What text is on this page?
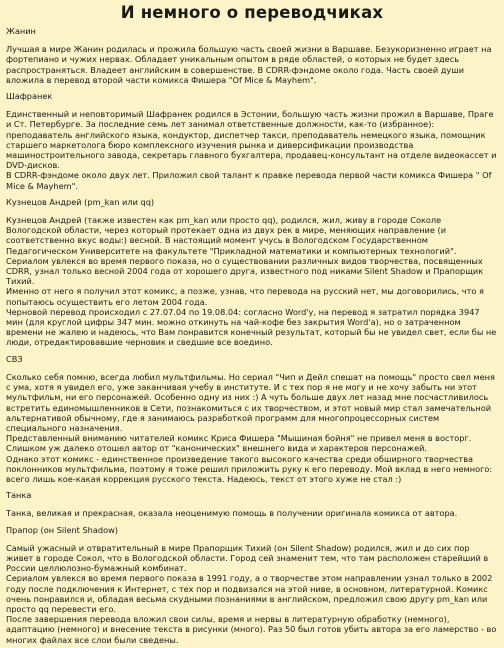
И немного о переводчиках

Жанин

Лучшая в мире Жанин родилась и прожила большую часть своей жизни в Варшаве. Безукоризненно играет на фортепиано и чужих нервах. Обладает уникальным опытом в ряде областей, о которых не будет здесь распространяться. Владеет английским в совершенстве. В CDRR-фэндоме около года. Часть своей души вложила в перевод второй части комикса Фишера "Of Mice & Mayhem".

Шафранек

Единственный и неповторимый Шафранек родился в Эстонии, большую часть жизни прожил в Варшаве, Праге и Ст. Петербурге. За последние семь лет занимал ответственные должности, как-то (избранное): преподаватель английского языка, кондуктор, диспетчер такси, преподаватель немецкого языка, помощник старшего маркетолога бюро комплексного изучения рынка и диверсификации производства машиностроительного завода, секретарь главного бухгалтера, продавец-консультант на отделе видеокассет и DVD-дисков.

В CDRR-фэндоме около двух лет. Приложил свой талант к правке перевода первой части комикса Фишера " Of Mice & Mayhem".

Кузнецов Андрей (pm_kan или qq)

Кузнецов Андрей (также известен как pm_kan или просто qq), родился, жил, живу в городе Соколе Вологодской области, через который протекает одна из двух рек в мире, меняющих направление (и соответственно вкус воды:) весной. В настоящий момент учусь в Вологодском Государственном Педагогическом Университете на факультете "Прикладной математики и компьютерных технологий".

Сериалом увлекся во время первого показа, но о существовании различных видов творчества, посвященных CDRR, узнал только весной 2004 года от хорошего друга, известного под никами Silent Shadow и Прапорщик Тихий.

Именно от него я получил этот комикс, а позже, узнав, что перевода на русский нет, мы договорились, что я попытаюсь осуществить его летом 2004 года.

Черновой перевод происходил с 27.07.04 по 19.08.04: согласно Word'у, на перевод я затратил порядка 3947 мин (для круглой цифры 347 мин. можно откинуть на чай-кофе без закрытия Word'а), но о затраченном времени не жалею и надеюсь, что Вам понравится конечный результат, который бы не увидел свет, если бы не люди, отредактировавшие черновик и сведшие все воедино.

СВЗ

Сколько себя помню, всегда любил мультфильмы. Но сериал "Чип и Дейл спешат на помощь" просто свел меня с ума, хотя я увидел его, уже заканчивая учебу в институте. И с тех пор я не могу и не хочу забыть ни этот мультфильм, ни его персонажей. Особенно одну из них :) А чуть больше двух лет назад мне посчастливилось встретить единомышленников в Сети, познакомиться с их творчеством, и этот новый мир стал замечательной альтернативой обычному, где я занимаюсь разработкой программ для многопроцессорных систем специального назначения.

Представленный вниманию читателей комикс Криса Фишера "Мышиная бойня" не привел меня в восторг. Слишком уж далеко отошел автор от "канонических" внешнего вида и характеров персонажей.

Однако этот комикс - единственное произведение такого высокого качества среди обширного творчества поклонников мультфильма, поэтому я тоже решил приложить руку к его переводу. Мой вклад в него немного: всего лишь кое-какая коррекция русского текста. Надеюсь, текст от этого хуже не стал :)

Танка

Танка, великая и прекрасная, оказала неоценимую помощь в получении оригинала комикса от автора.

Прапор (он Silent Shadow)

Самый ужасный и отвратительный в мире Прапорщик Тихий (он Silent Shadow) родился, жил и до сих пор живет в городе Сокол, что в Вологодской области. Город сей знаменит тем, что там расположен старейший в России целлюлозно-бумажный комбинат.

Сериалом увлекся во время первого показа в 1991 году, а о творчестве этом направлении узнал только в 2002 году после подключения к Интернет, с тех пор и подвизался на этой ниве, в основном, литературной. Комикс очень понравился и, обладая весьма скудными познаниями в английском, предложил свою другу pm_kan или просто qq перевести его.

После завершения перевода вложил свои силы, время и нервы в литературную обработку (немного), адаптацию (немного) и внесение текста в рисунки (много). Раз 50 был готов убить автора за его ламерство - во многих файлах все слои были сведены.
